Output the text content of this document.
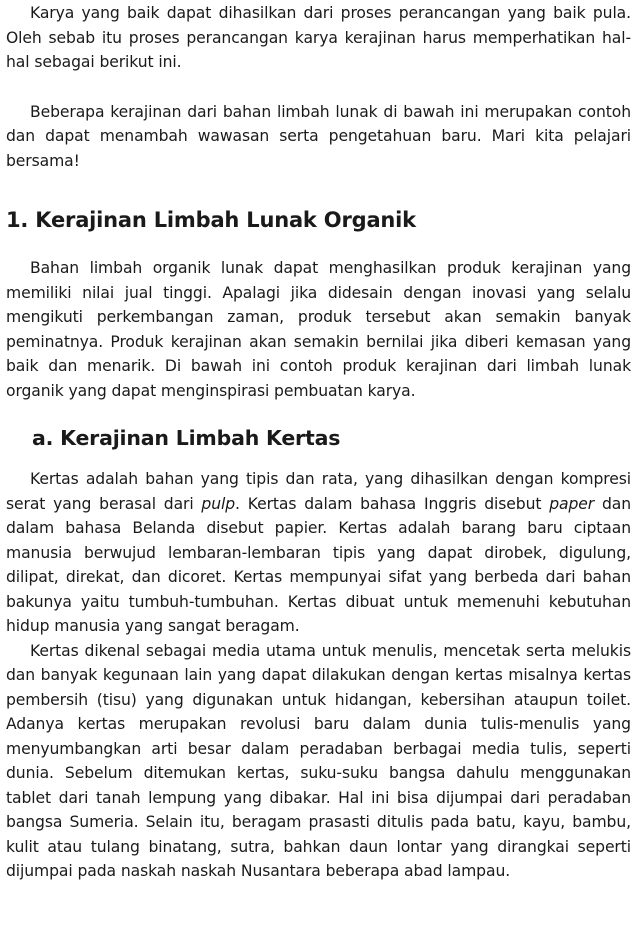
Karya yang baik dapat dihasilkan dari proses perancangan yang baik pula. Oleh sebab itu proses perancangan karya kerajinan harus memperhatikan hal-hal sebagai berikut ini.

Beberapa kerajinan dari bahan limbah lunak di bawah ini merupakan contoh dan dapat menambah wawasan serta pengetahuan baru. Mari kita pelajari bersama!

1. Kerajinan Limbah Lunak Organik

Bahan limbah organik lunak dapat menghasilkan produk kerajinan yang memiliki nilai jual tinggi. Apalagi jika didesain dengan inovasi yang selalu mengikuti perkembangan zaman, produk tersebut akan semakin banyak peminatnya. Produk kerajinan akan semakin bernilai jika diberi kemasan yang baik dan menarik. Di bawah ini contoh produk kerajinan dari limbah lunak organik yang dapat menginspirasi pembuatan karya.

a. Kerajinan Limbah Kertas

Kertas adalah bahan yang tipis dan rata, yang dihasilkan dengan kompresi serat yang berasal dari pulp. Kertas dalam bahasa Inggris disebut paper dan dalam bahasa Belanda disebut papier. Kertas adalah barang baru ciptaan manusia berwujud lembaran-lembaran tipis yang dapat dirobek, digulung, dilipat, direkat, dan dicoret. Kertas mempunyai sifat yang berbeda dari bahan bakunya yaitu tumbuh-tumbuhan. Kertas dibuat untuk memenuhi kebutuhan hidup manusia yang sangat beragam.

Kertas dikenal sebagai media utama untuk menulis, mencetak serta melukis dan banyak kegunaan lain yang dapat dilakukan dengan kertas misalnya kertas pembersih (tisu) yang digunakan untuk hidangan, kebersihan ataupun toilet. Adanya kertas merupakan revolusi baru dalam dunia tulis-menulis yang menyumbangkan arti besar dalam peradaban berbagai media tulis, seperti dunia. Sebelum ditemukan kertas, suku-suku bangsa dahulu menggunakan tablet dari tanah lempung yang dibakar. Hal ini bisa dijumpai dari peradaban bangsa Sumeria. Selain itu, beragam prasasti ditulis pada batu, kayu, bambu, kulit atau tulang binatang, sutra, bahkan daun lontar yang dirangkai seperti dijumpai pada naskah naskah Nusantara beberapa abad lampau.
